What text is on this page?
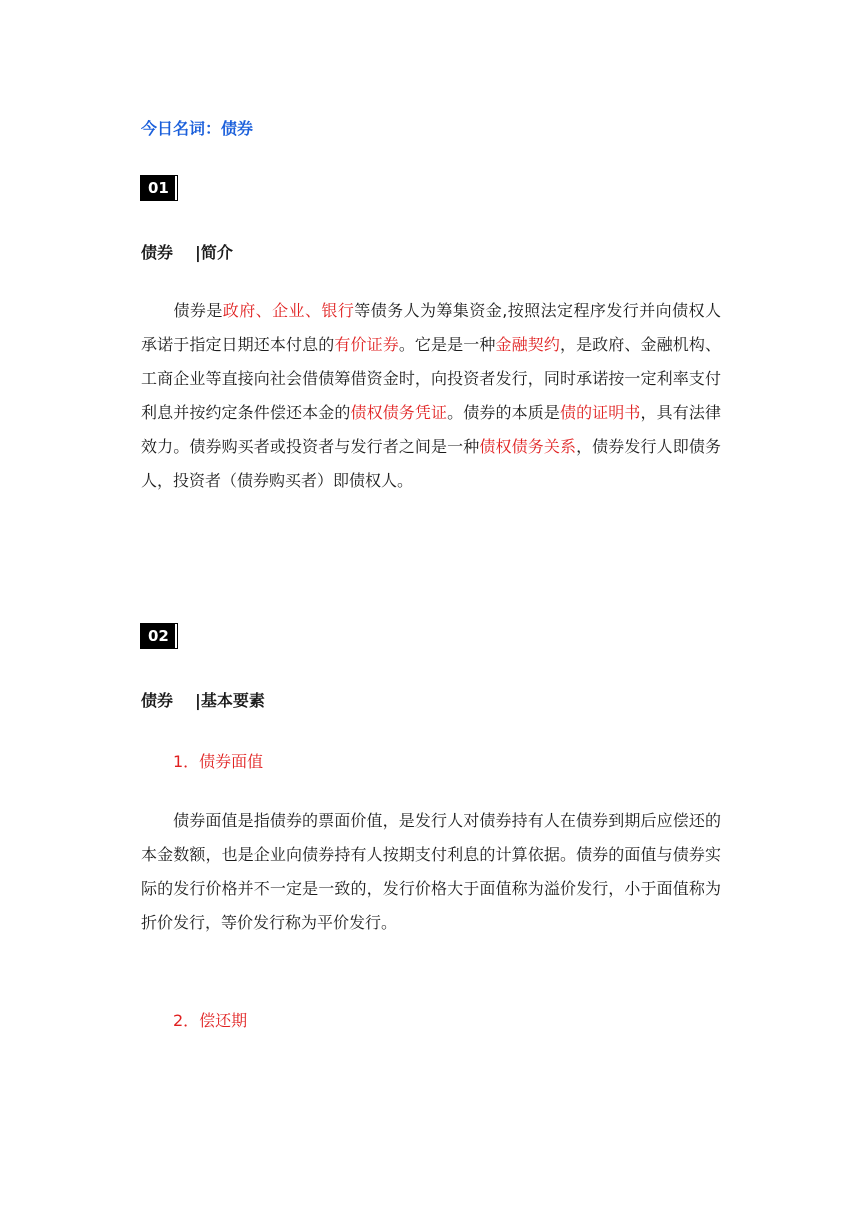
今日名词：债券
01
债券 |简介
债券是政府、企业、银行等债务人为筹集资金,按照法定程序发行并向债权人承诺于指定日期还本付息的有价证券。它是是一种金融契约，是政府、金融机构、工商企业等直接向社会借债筹借资金时，向投资者发行，同时承诺按一定利率支付利息并按约定条件偿还本金的债权债务凭证。债券的本质是债的证明书，具有法律效力。债券购买者或投资者与发行者之间是一种债权债务关系，债券发行人即债务人，投资者（债券购买者）即债权人。
02
债券 |基本要素
1．债券面值
债券面值是指债券的票面价值，是发行人对债券持有人在债券到期后应偿还的本金数额，也是企业向债券持有人按期支付利息的计算依据。债券的面值与债券实际的发行价格并不一定是一致的，发行价格大于面值称为溢价发行，小于面值称为折价发行，等价发行称为平价发行。
2．偿还期
